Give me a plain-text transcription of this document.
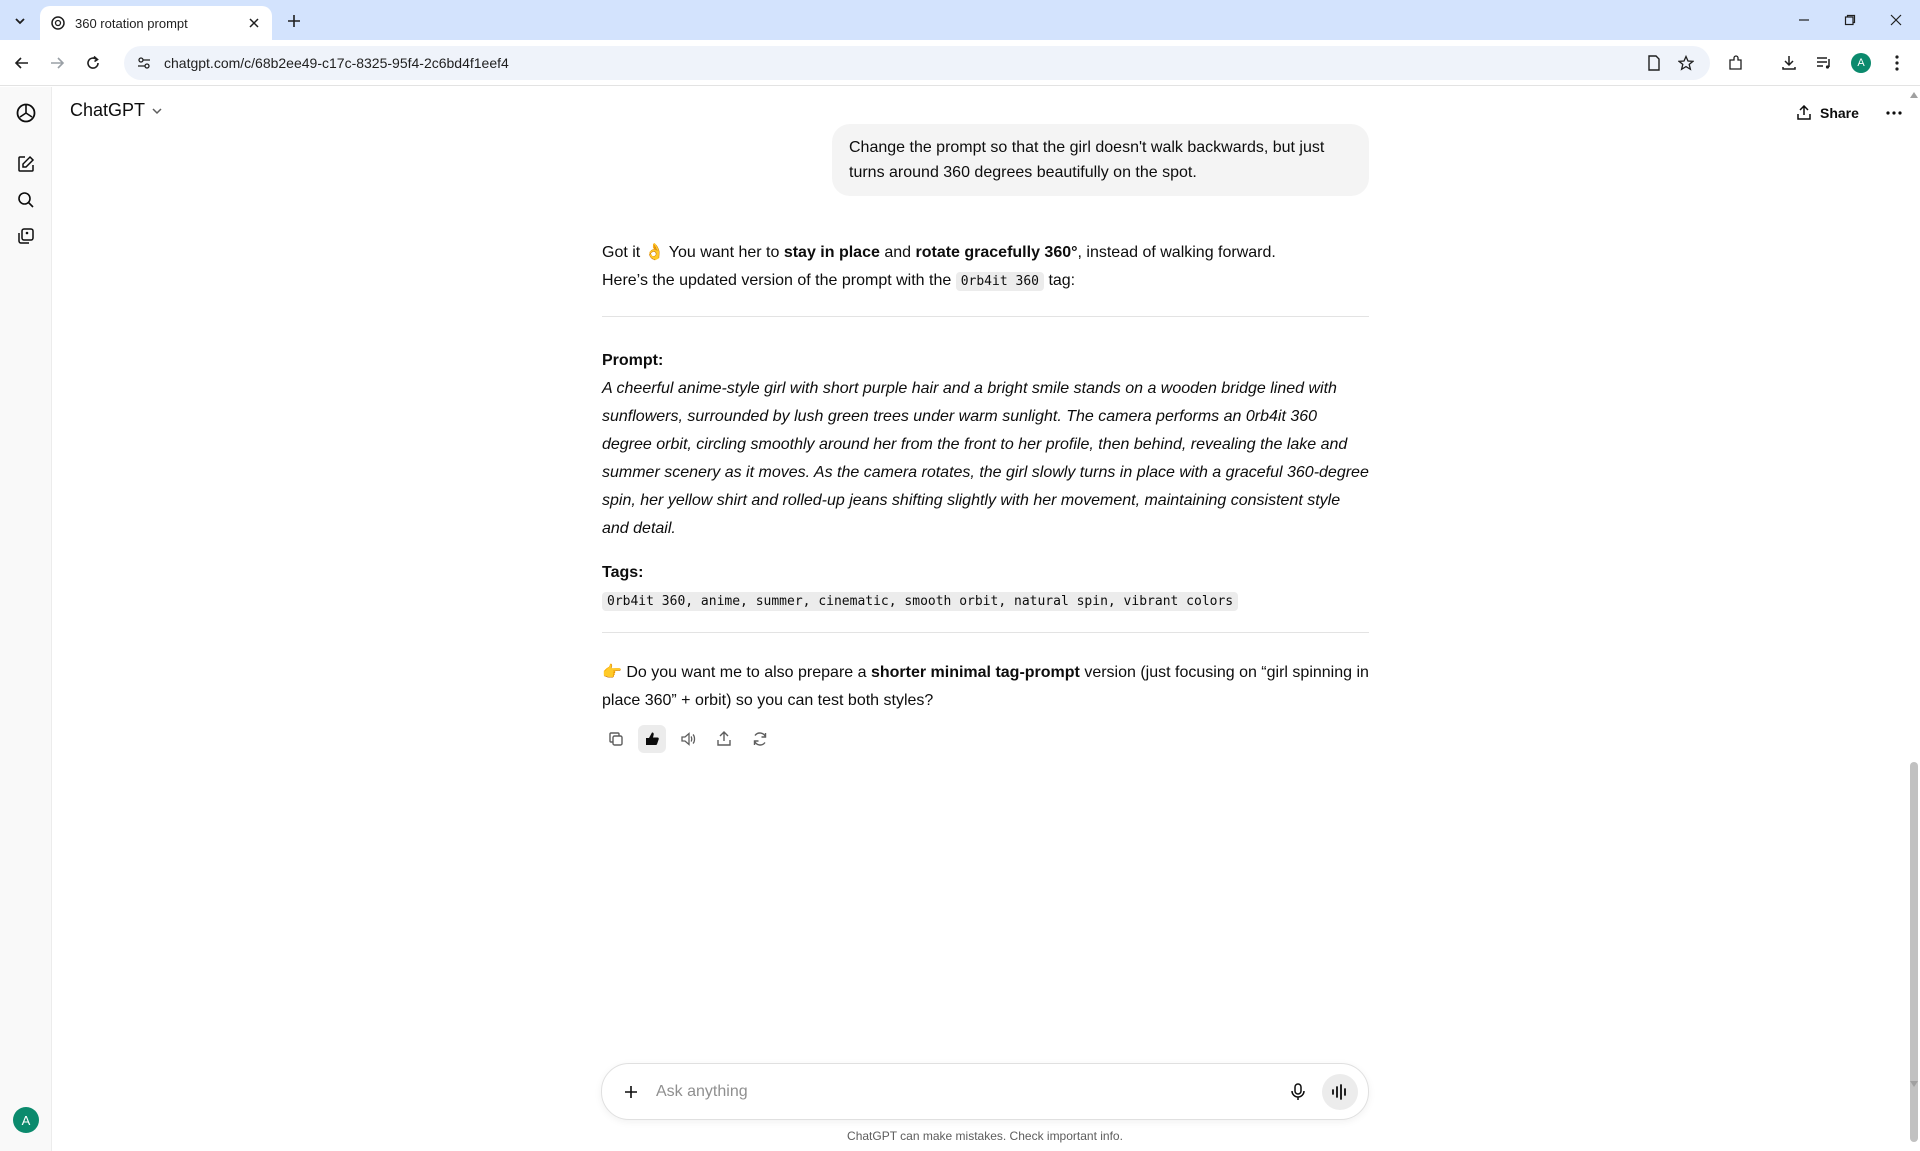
360 rotation prompt
chatgpt.com/c/68b2ee49-c17c-8325-95f4-2c6bd4f1eef4	A
A
ChatGPT	Share
Change the prompt so that the girl doesn't walk backwards, but just turns around 360 degrees beautifully on the spot.

Got it 👌 You want her to stay in place and rotate gracefully 360°, instead of walking forward.

Here’s the updated version of the prompt with the 0rb4it 360 tag:

Prompt:

A cheerful anime-style girl with short purple hair and a bright smile stands on a wooden bridge lined with sunflowers, surrounded by lush green trees under warm sunlight. The camera performs an 0rb4it 360 degree orbit, circling smoothly around her from the front to her profile, then behind, revealing the lake and summer scenery as it moves. As the camera rotates, the girl slowly turns in place with a graceful 360-degree spin, her yellow shirt and rolled-up jeans shifting slightly with her movement, maintaining consistent style and detail.

Tags:

0rb4it 360, anime, summer, cinematic, smooth orbit, natural spin, vibrant colors

👉 Do you want me to also prepare a shorter minimal tag-prompt version (just focusing on “girl spinning in place 360” + orbit) so you can test both styles?

Ask anything
ChatGPT can make mistakes. Check important info.
